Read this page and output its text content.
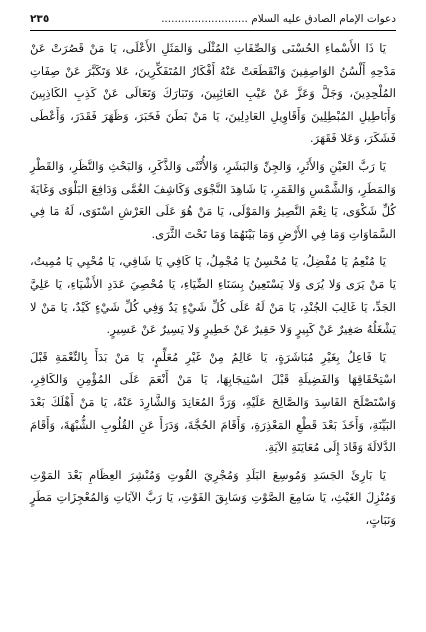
دعوات الإمام الصادق عليه السلام ..........................
٢٣٥

يَا ذَا الأَسْماءِ الحُسْنَى وَالصِّفَاتِ المُثْلَى وَالمَثَلِ الأَعْلَى، يَا مَنْ قَصُرَتْ عَنْ مَدْحِهِ أَلْسُنُ الوَاصِفِينَ وَانْقَطَعَتْ عَنْهُ أَفْكَارُ المُتَفَكِّرِينَ، عَلا وَتَكَبَّرَ عَنْ صِفَاتِ المُلْحِدِينَ، وَجَلَّ وَعَزَّ عَنْ عَيْبِ العَائِبِينَ، وَتَبَارَكَ وَتَعَالَى عَنْ كَذِبِ الكَاذِبِينَ وَأَبَاطِيلِ المُبْطِلِينَ وَأَقَاوِيلِ العَادِلِينَ، يَا مَنْ بَطَنَ فَخَبَرَ، وَظَهَرَ فَقَدَرَ، وَأَعْطَى فَشَكَرَ، وَعَلا فَقَهَرَ.

يَا رَبَّ العَيْنِ وَالأَثَرِ، وَالجِنِّ وَالبَشَرِ، وَالأُنْثَى وَالذَّكَرِ، وَالبَحْثِ وَالنَّظَرِ، وَالقَطْرِ وَالمَطَرِ، وَالشَّمْسِ وَالقَمَرِ، يَا شَاهِدَ النَّجْوَى وَكَاشِفَ الغُمَّى وَدَافِعَ البَلْوَى وَغَايَةَ كُلِّ شَكْوَى، يَا نِعْمَ النَّصِيرُ وَالمَوْلَى، يَا مَنْ هُوَ عَلَى العَرْشِ اسْتَوَى، لَهُ مَا فِي السَّمَاوَاتِ وَمَا فِي الأَرْضِ وَمَا بَيْنَهُمَا وَمَا تَحْتَ الثَّرَى.

يَا مُنْعِمُ يَا مُفْضِلُ، يَا مُحْسِنُ يَا مُجْمِلُ، يَا كَافِي يَا شَافِي، يَا مُحْيِي يَا مُمِيتُ، يَا مَنْ يَرَى وَلا يُرَى وَلا يَسْتَعِينُ بِسَنَاءِ الضِّيَاءِ، يَا مُحْصِيَ عَدَدِ الأَشْيَاءِ، يَا عَلِيَّ الجَدِّ، يَا غَالِبَ الجُنْدِ، يَا مَنْ لَهُ عَلَى كُلِّ شَيْءٍ يَدٌ وَفِي كُلِّ شَيْءٍ كَيْدٌ، يَا مَنْ لا يَشْغَلُهُ صَغِيرٌ عَنْ كَبِيرٍ وَلا حَقِيرٌ عَنْ خَطِيرٍ وَلا يَسِيرٌ عَنْ عَسِيرٍ.

يَا فَاعِلُ بِغَيْرِ مُبَاشَرَةٍ، يَا عَالِمُ مِنْ غَيْرِ مُعَلِّمٍ، يَا مَنْ بَدَأَ بِالنِّعْمَةِ قَبْلَ اسْتِحْقَاقِهَا وَالفَضِيلَةِ قَبْلَ اسْتِيجَابِهَا، يَا مَنْ أَنْعَمَ عَلَى المُؤْمِنِ وَالكَافِرِ، وَاسْتَصْلَحَ الفَاسِدَ وَالصَّالِحَ عَلَيْهِ، وَرَدَّ المُعَانِدَ وَالشَّارِدَ عَنْهُ، يَا مَنْ أَهْلَكَ بَعْدَ البَيِّنَةِ، وَأَخَذَ بَعْدَ قَطْعِ المَعْذِرَةِ، وَأَقَامَ الحُجَّةَ، وَدَرَأَ عَنِ القُلُوبِ الشُّبْهَةَ، وَأَقَامَ الدَّلالَةَ وَقَادَ إِلَى مُعَايَنَةِ الآيَةِ.

يَا بَارِئَ الجَسَدِ وَمُوسِعَ البَلَدِ وَمُجْرِيَ القُوتِ وَمُنْشِرَ العِظَامِ بَعْدَ المَوْتِ وَمُنْزِلَ الغَيْثِ، يَا سَامِعَ الصَّوْتِ وَسَابِقَ الفَوْتِ، يَا رَبَّ الآيَاتِ وَالمُعْجِزَاتِ مَطَرٍ وَنَبَاتٍ،
